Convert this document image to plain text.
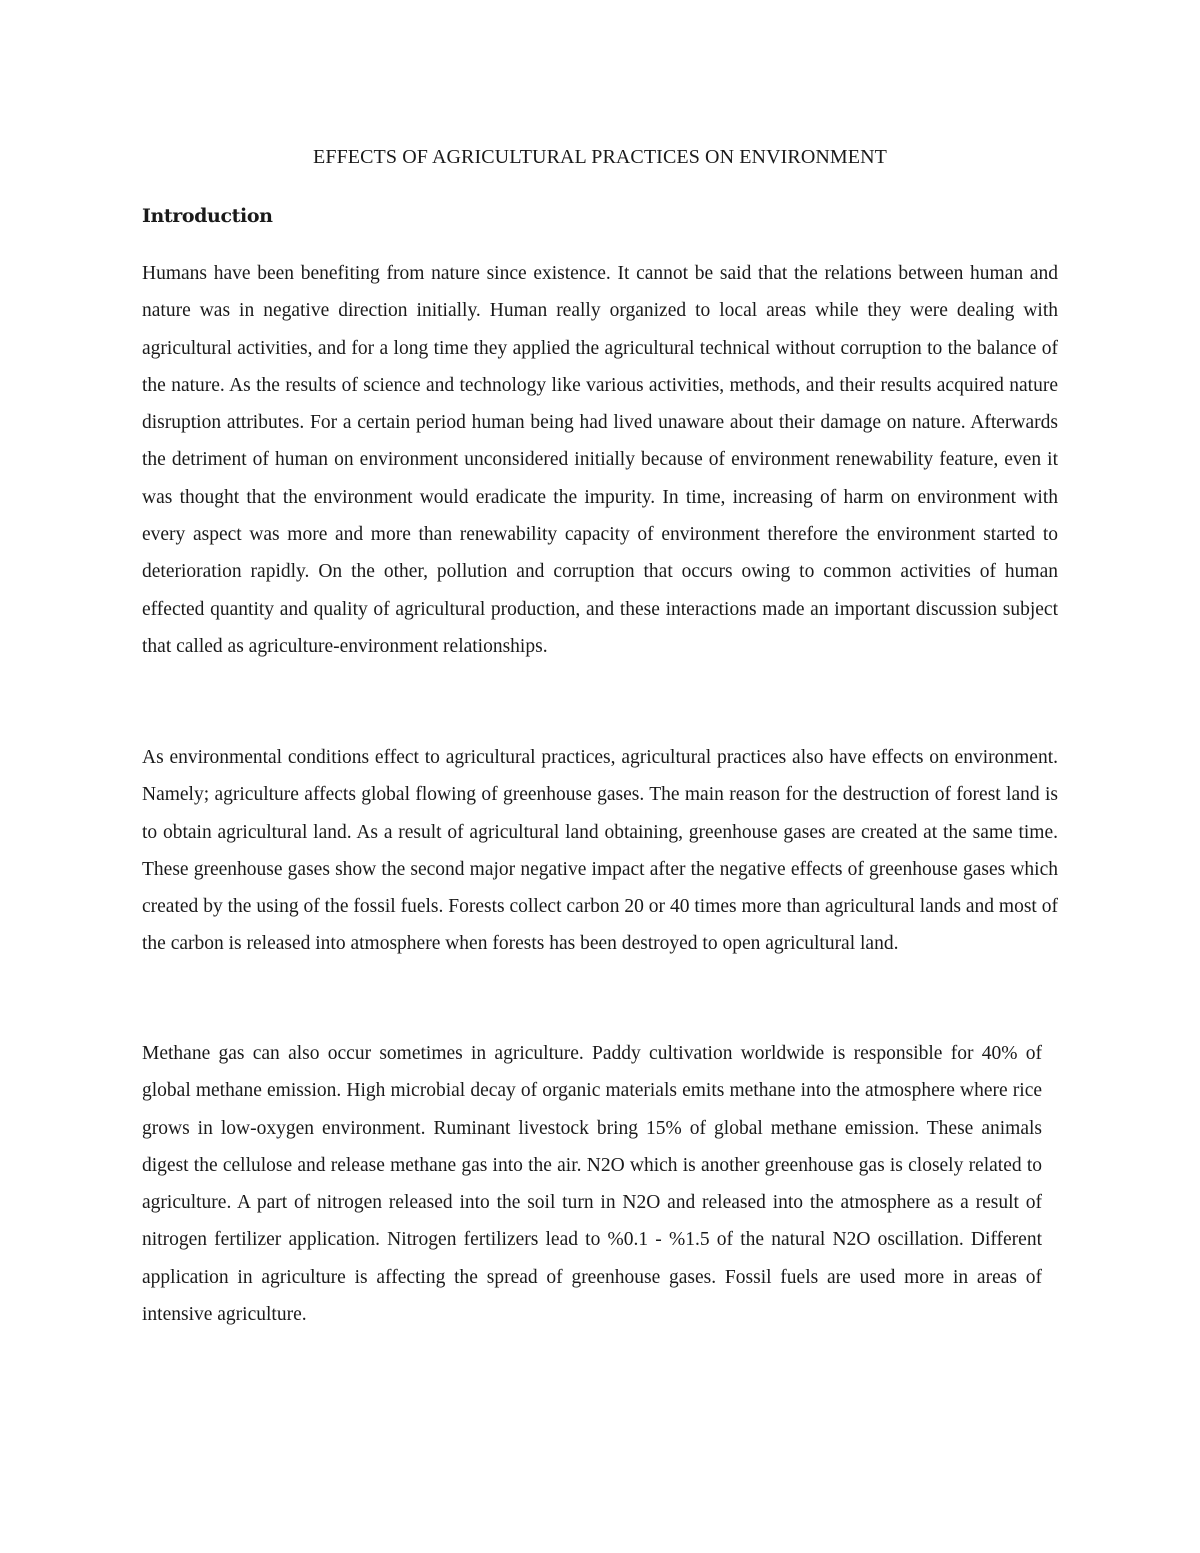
EFFECTS OF AGRICULTURAL PRACTICES ON ENVIRONMENT
Introduction

Humans have been benefiting from nature since existence. It cannot be said that the relations between human and nature was in negative direction initially. Human really organized to local areas while they were dealing with agricultural activities, and for a long time they applied the agricultural technical without corruption to the balance of the nature. As the results of science and technology like various activities, methods, and their results acquired nature disruption attributes. For a certain period human being had lived unaware about their damage on nature. Afterwards the detriment of human on environment unconsidered initially because of environment renewability feature, even it was thought that the environment would eradicate the impurity. In time, increasing of harm on environment with every aspect was more and more than renewability capacity of environment therefore the environment started to deterioration rapidly. On the other, pollution and corruption that occurs owing to common activities of human effected quantity and quality of agricultural production, and these interactions made an important discussion subject that called as agriculture-environment relationships.

As environmental conditions effect to agricultural practices, agricultural practices also have effects on environment. Namely; agriculture affects global flowing of greenhouse gases. The main reason for the destruction of forest land is to obtain agricultural land. As a result of agricultural land obtaining, greenhouse gases are created at the same time. These greenhouse gases show the second major negative impact after the negative effects of greenhouse gases which created by the using of the fossil fuels. Forests collect carbon 20 or 40 times more than agricultural lands and most of the carbon is released into atmosphere when forests has been destroyed to open agricultural land.

Methane gas can also occur sometimes in agriculture. Paddy cultivation worldwide is responsible for 40% of global methane emission. High microbial decay of organic materials emits methane into the atmosphere where rice grows in low-oxygen environment. Ruminant livestock bring 15% of global methane emission. These animals digest the cellulose and release methane gas into the air. N2O which is another greenhouse gas is closely related to agriculture. A part of nitrogen released into the soil turn in N2O and released into the atmosphere as a result of nitrogen fertilizer application. Nitrogen fertilizers lead to %0.1 - %1.5 of the natural N2O oscillation. Different application in agriculture is affecting the spread of greenhouse gases. Fossil fuels are used more in areas of intensive agriculture.
